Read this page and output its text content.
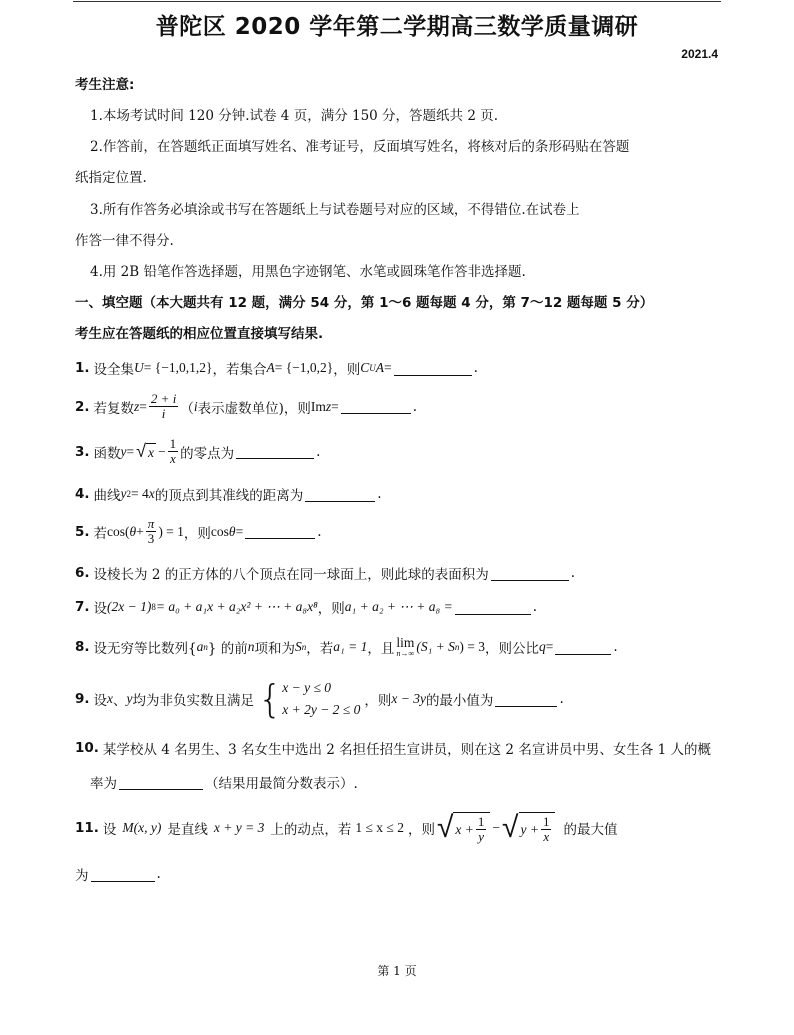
普陀区 2020 学年第二学期高三数学质量调研
2021.4
考生注意:
1.本场考试时间 120 分钟.试卷 4 页，满分 150 分，答题纸共 2 页.
2.作答前，在答题纸正面填写姓名、准考证号，反面填写姓名，将核对后的条形码贴在答题
纸指定位置.
3.所有作答务必填涂或书写在答题纸上与试卷题号对应的区域，不得错位.在试卷上
作答一律不得分.
4.用 2B 铅笔作答选择题，用黑色字迹钢笔、水笔或圆珠笔作答非选择题.
一、填空题（本大题共有 12 题，满分 54 分，第 1～6 题每题 4 分，第 7～12 题每题 5 分）
考生应在答题纸的相应位置直接填写结果.
1. 设全集 U = {−1,0,1,2} ，若集合 A = {−1,0,2} ，则 C U A =	.
2. 若复数 $z = \frac{2 + i}{i}$ （ i 表示虚数单位)，则 Im z =	.
3. 函数 y = √ $x - \frac{1}{x}$ 的零点为	.
4. 曲线 y 2 = 4 x 的顶点到其准线的距离为	.
5. 若 cos( $\theta + \frac{\pi}{3}$ ) = 1 ，则 cos θ =	.
6. 设棱长为 2 的正方体的八个顶点在同一球面上，则此球的表面积为	.
7. 设 (2x − 1) 8 = a₀ + a₁x + a₂x² + ⋯ + a₈x⁸ ，则 a₁ + a₂ + ⋯ + a₈ =	.
8. 设无穷等比数列{ a n } 的前 n 项和为 S n ，若 a₁ = 1 ，且 lim
n→∞ (S₁ + S n ) = 3 ，则公比 q =	.
9. 设 x 、 y 均为非负实数且满足 { x − y ≤ 0
x + 2y − 2 ≤ 0
，则 x − 3y 的最小值为	.
10. 某学校从 4 名男生、3 名女生中选出 2 名担任招生宣讲员，则在这 2 名宣讲员中男、女生各 1 人的概
率为	（结果用最简分数表示）.
11. 设 M(x, y) 是直线 x + y = 3 上的动点，若 1 ≤ x ≤ 2 ，则 √ $x + \frac{1}{y}$ − √ $y + \frac{1}{x}$ 的最大值
为	.
第 1 页
